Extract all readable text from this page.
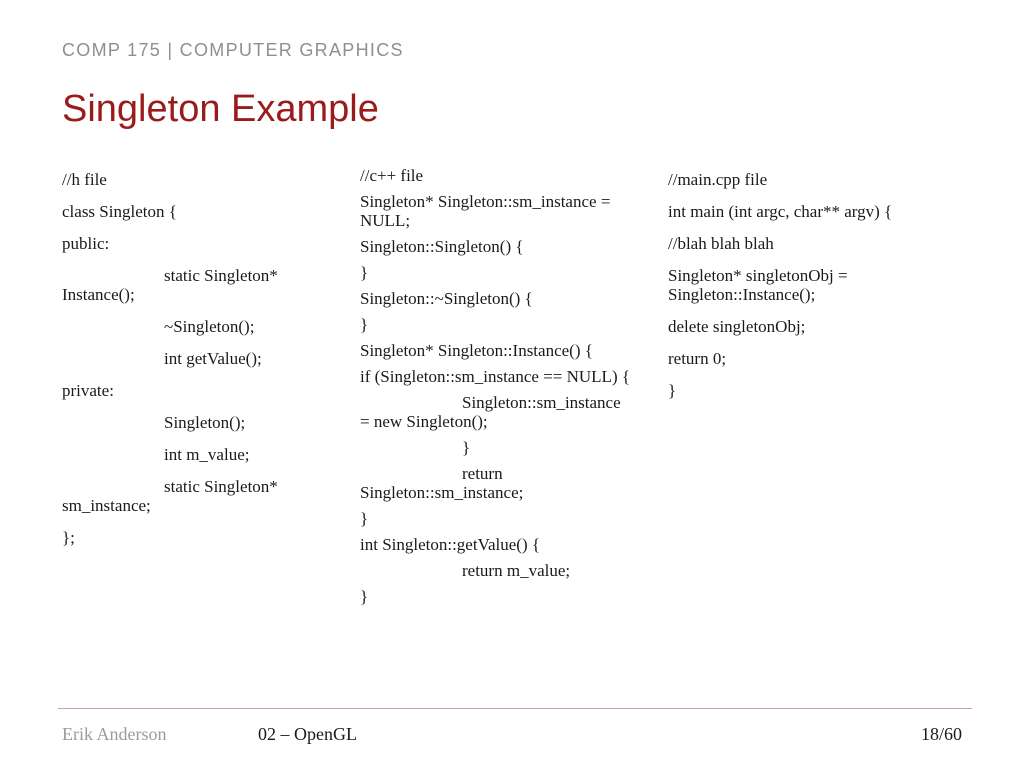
COMP 175 | COMPUTER GRAPHICS
Singleton Example
//h file
class Singleton {
public:
static Singleton* Instance();
~Singleton();
int getValue();
private:
Singleton();
int m_value;
static Singleton* sm_instance;
};
//c++ file
Singleton* Singleton::sm_instance = NULL;
Singleton::Singleton() {
}
Singleton::~Singleton() {
}
Singleton* Singleton::Instance() {
if (Singleton::sm_instance == NULL) {
Singleton::sm_instance = new Singleton();
}
return Singleton::sm_instance;
}
int Singleton::getValue() {
return m_value;
}
//main.cpp file
int main (int argc, char** argv) {
//blah blah blah
Singleton* singletonObj = Singleton::Instance();
delete singletonObj;
return 0;
}
Erik Anderson	02 – OpenGL	18/60
